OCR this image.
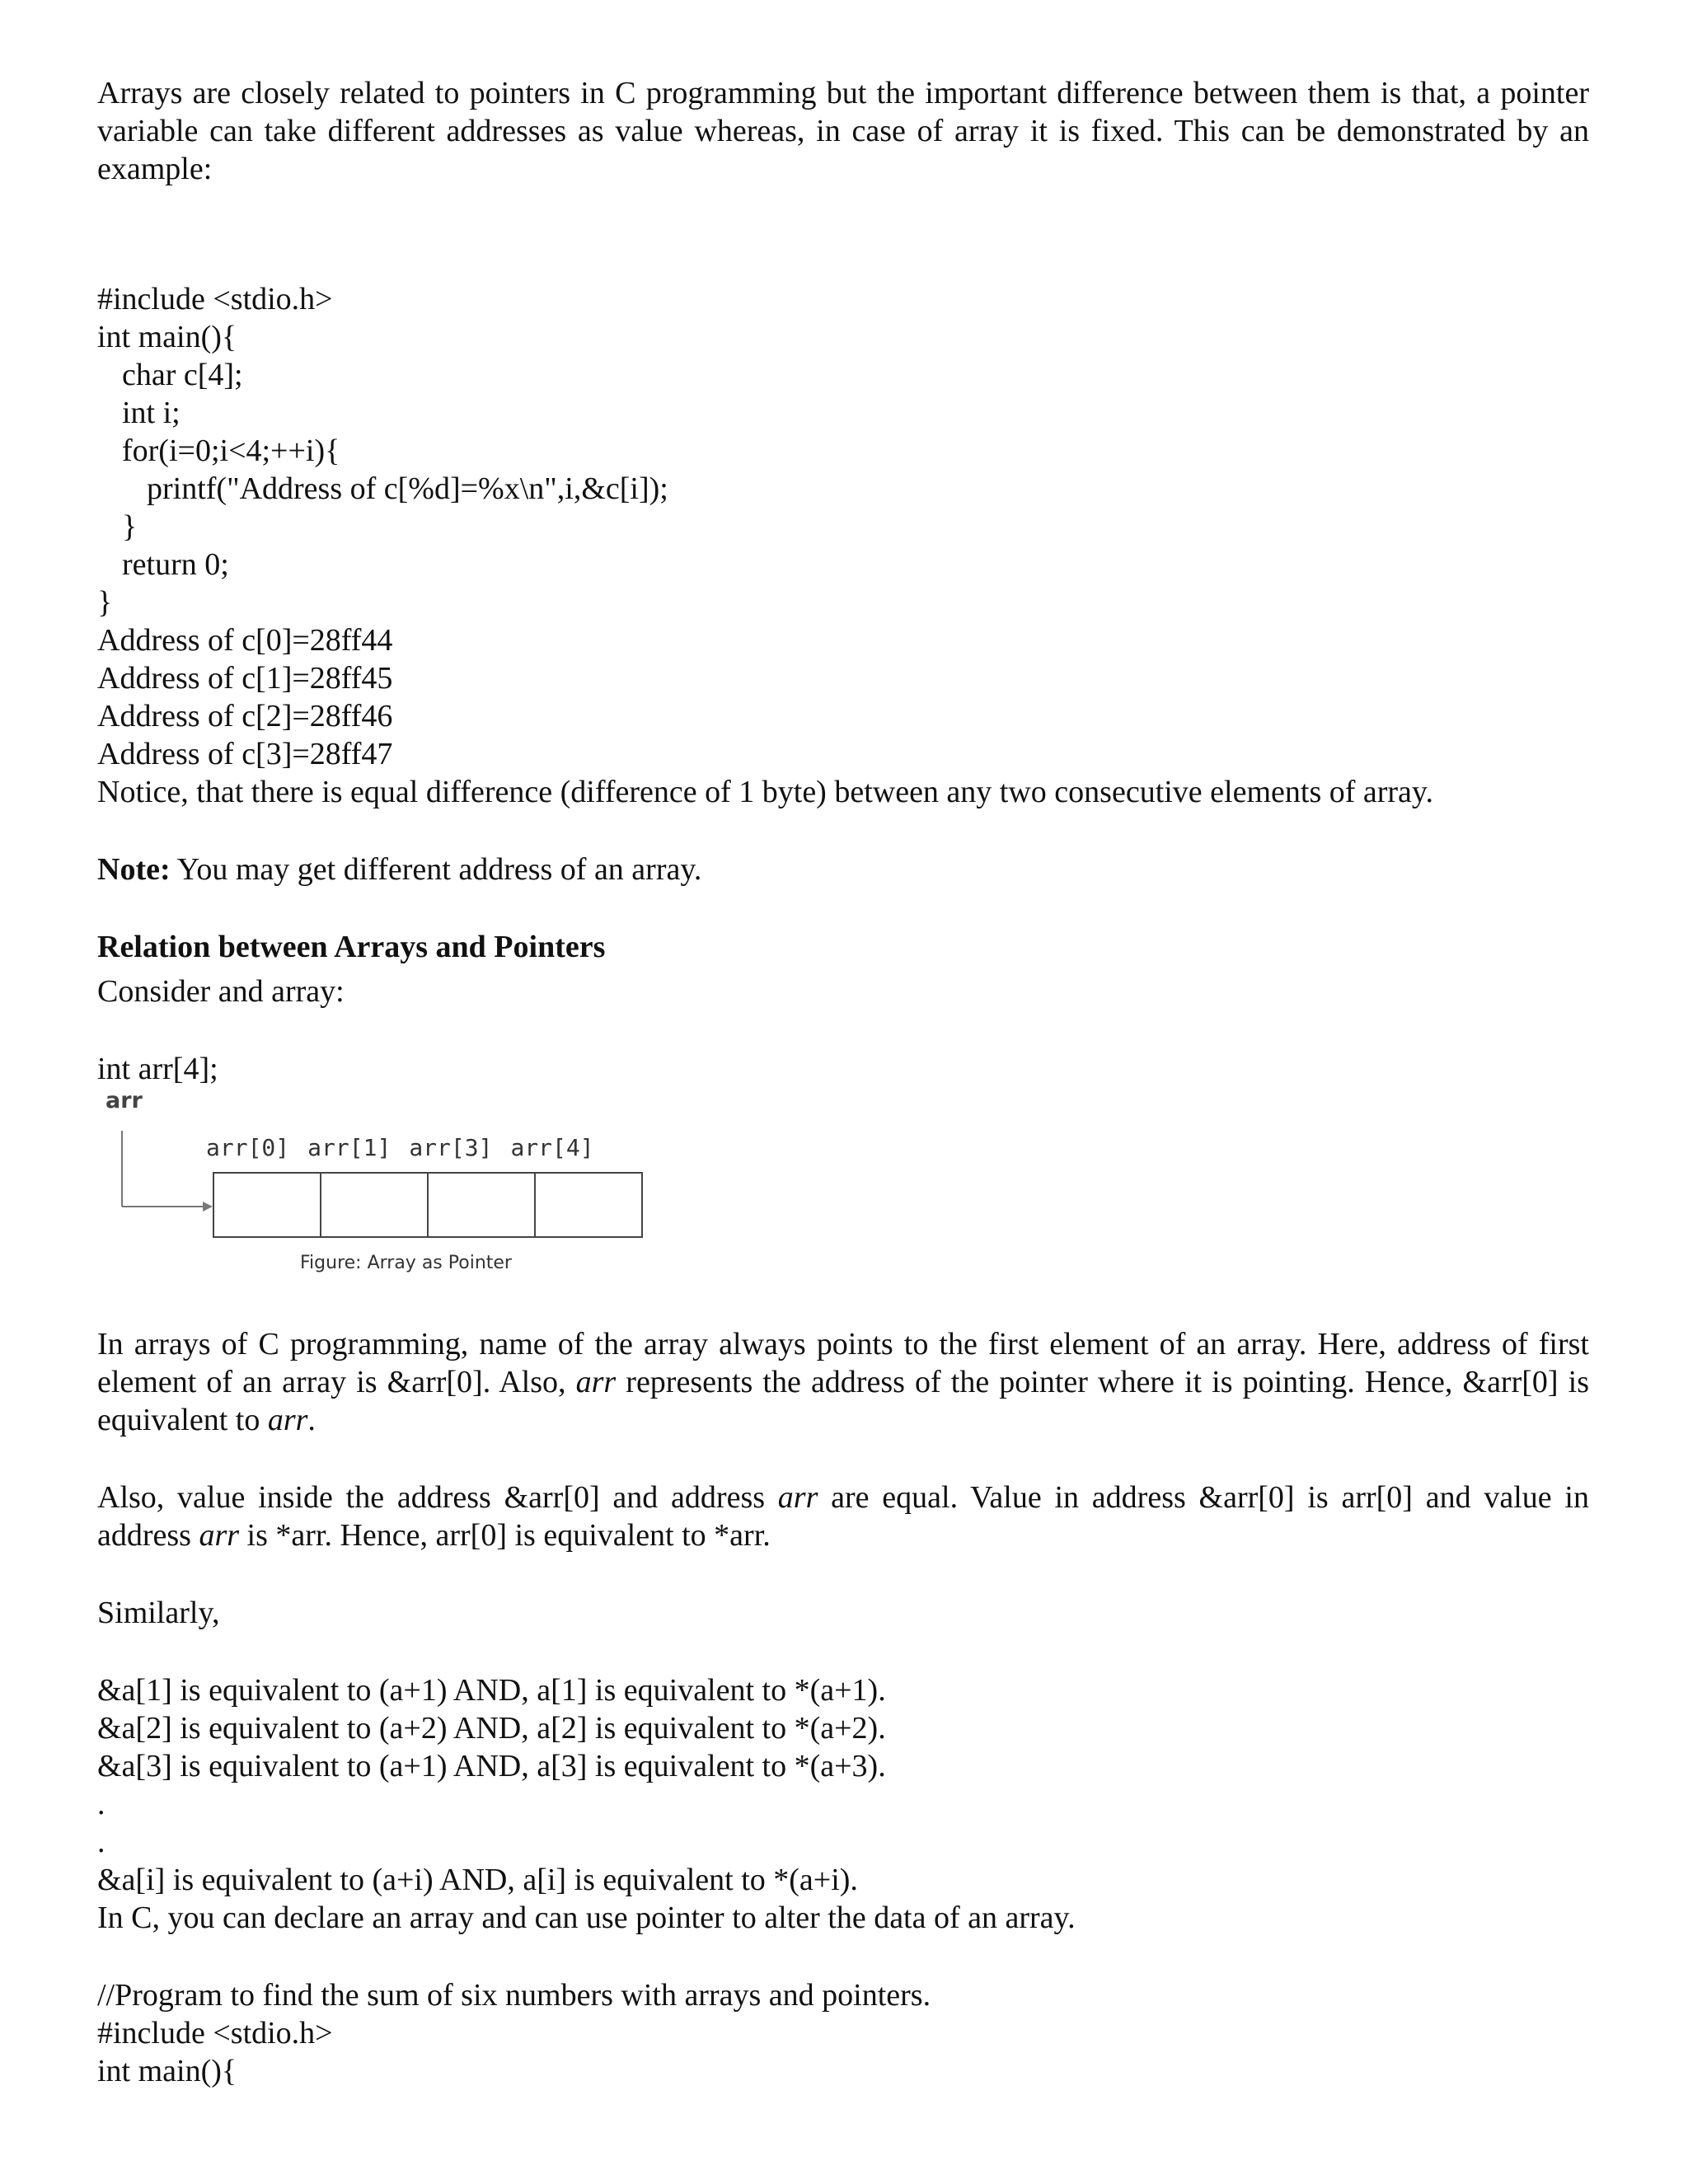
Arrays are closely related to pointers in C programming but the important difference between them is that, a pointer variable can take different addresses as value whereas, in case of array it is fixed. This can be demonstrated by an example:

#include <stdio.h>

int main(){

char c[4];

int i;

for(i=0;i<4;++i){

printf("Address of c[%d]=%x\n",i,&c[i]);

}

return 0;

}

Address of c[0]=28ff44

Address of c[1]=28ff45

Address of c[2]=28ff46

Address of c[3]=28ff47

Notice, that there is equal difference (difference of 1 byte) between any two consecutive elements of array.

Note: You may get different address of an array.

Relation between Arrays and Pointers

Consider and array:

int arr[4];

arr
arr[0] arr[1] arr[3] arr[4]
Figure: Array as Pointer

In arrays of C programming, name of the array always points to the first element of an array. Here, address of first element of an array is &arr[0]. Also, arr represents the address of the pointer where it is pointing. Hence, &arr[0] is equivalent to arr.

Also, value inside the address &arr[0] and address arr are equal. Value in address &arr[0] is arr[0] and value in address arr is *arr. Hence, arr[0] is equivalent to *arr.

Similarly,

&a[1] is equivalent to (a+1) AND, a[1] is equivalent to *(a+1).

&a[2] is equivalent to (a+2) AND, a[2] is equivalent to *(a+2).

&a[3] is equivalent to (a+1) AND, a[3] is equivalent to *(a+3).

.

.

&a[i] is equivalent to (a+i) AND, a[i] is equivalent to *(a+i).

In C, you can declare an array and can use pointer to alter the data of an array.

//Program to find the sum of six numbers with arrays and pointers.

#include <stdio.h>

int main(){
